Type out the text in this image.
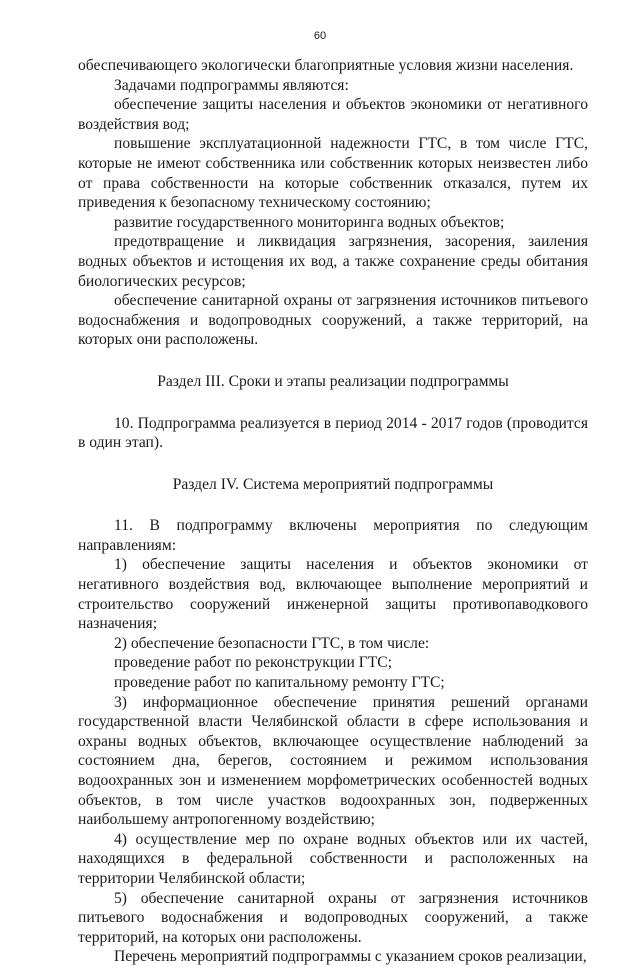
60

обеспечивающего экологически благоприятные условия жизни населения.

Задачами подпрограммы являются:

обеспечение защиты населения и объектов экономики от негативного воздействия вод;

повышение эксплуатационной надежности ГТС, в том числе ГТС, которые не имеют собственника или собственник которых неизвестен либо от права собственности на которые собственник отказался, путем их приведения к безопасному техническому состоянию;

развитие государственного мониторинга водных объектов;

предотвращение и ликвидация загрязнения, засорения, заиления водных объектов и истощения их вод, а также сохранение среды обитания биологических ресурсов;

обеспечение санитарной охраны от загрязнения источников питьевого водоснабжения и водопроводных сооружений, а также территорий, на которых они расположены.

Раздел III. Сроки и этапы реализации подпрограммы

10. Подпрограмма реализуется в период 2014 - 2017 годов (проводится в один этап).

Раздел IV. Система мероприятий подпрограммы

11. В подпрограмму включены мероприятия по следующим направлениям:

1) обеспечение защиты населения и объектов экономики от негативного воздействия вод, включающее выполнение мероприятий и строительство сооружений инженерной защиты противопаводкового назначения;

2) обеспечение безопасности ГТС, в том числе:

проведение работ по реконструкции ГТС;

проведение работ по капитальному ремонту ГТС;

3) информационное обеспечение принятия решений органами государственной власти Челябинской области в сфере использования и охраны водных объектов, включающее осуществление наблюдений за состоянием дна, берегов, состоянием и режимом использования водоохранных зон и изменением морфометрических особенностей водных объектов, в том числе участков водоохранных зон, подверженных наибольшему антропогенному воздействию;

4) осуществление мер по охране водных объектов или их частей, находящихся в федеральной собственности и расположенных на территории Челябинской области;

5) обеспечение санитарной охраны от загрязнения источников питьевого водоснабжения и водопроводных сооружений, а также территорий, на которых они расположены.

Перечень мероприятий подпрограммы с указанием сроков реализации,
